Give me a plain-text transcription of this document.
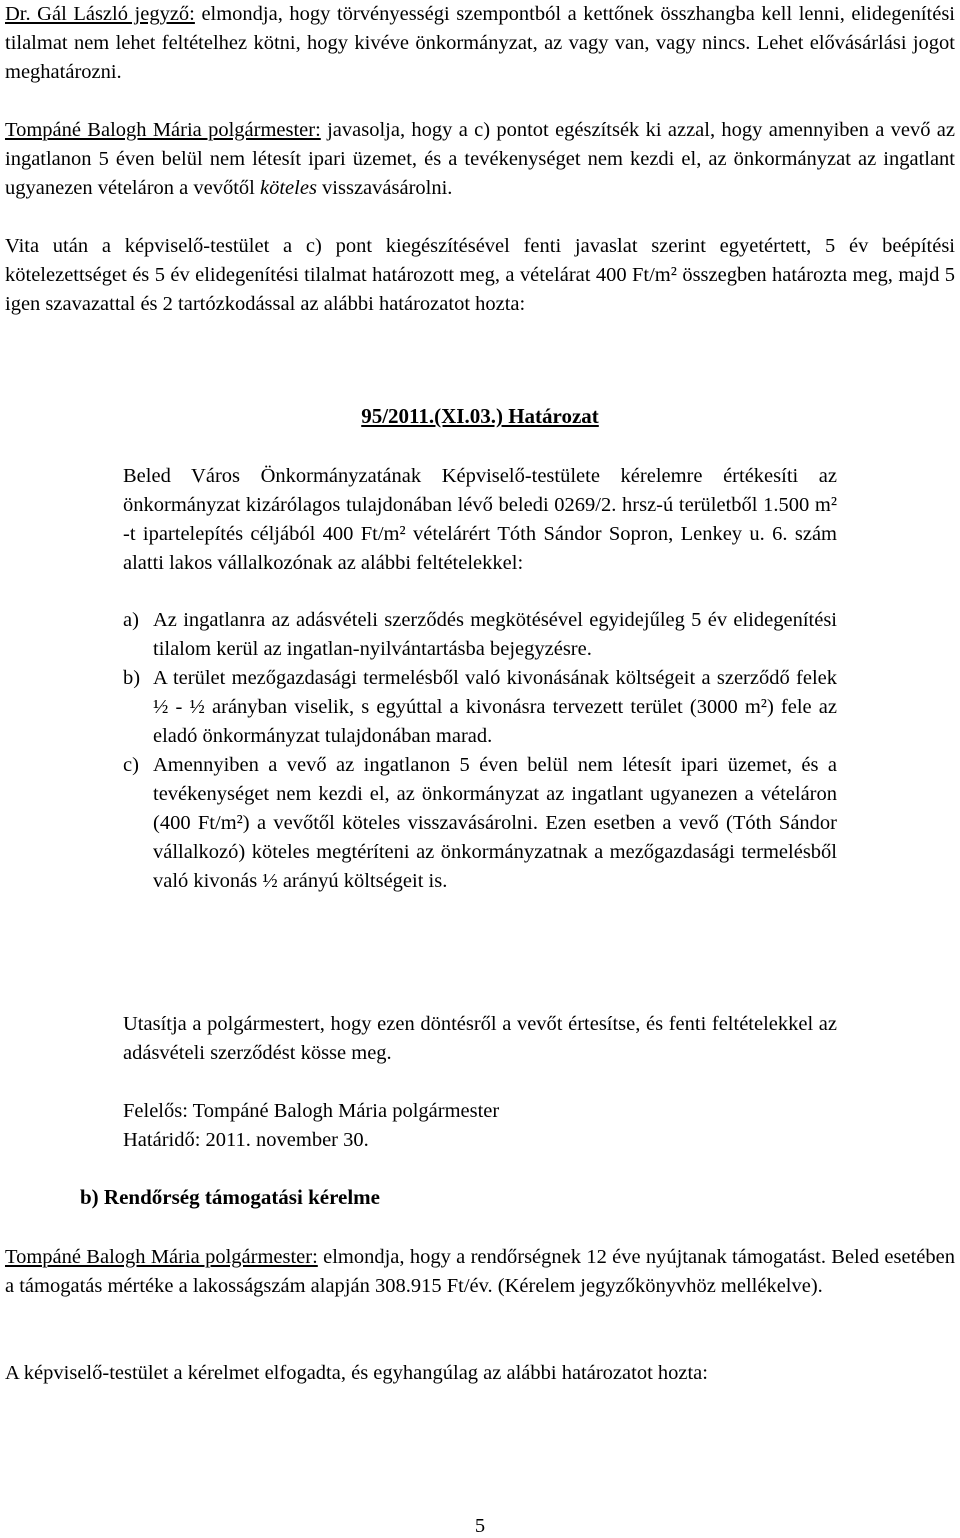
Dr. Gál László jegyző: elmondja, hogy törvényességi szempontból a kettőnek összhangba kell lenni, elidegenítési tilalmat nem lehet feltételhez kötni, hogy kivéve önkormányzat, az vagy van, vagy nincs. Lehet elővásárlási jogot meghatározni.

Tompáné Balogh Mária polgármester: javasolja, hogy a c) pontot egészítsék ki azzal, hogy amennyiben a vevő az ingatlanon 5 éven belül nem létesít ipari üzemet, és a tevékenységet nem kezdi el, az önkormányzat az ingatlant ugyanezen vételáron a vevőtől köteles visszavásárolni.

Vita után a képviselő-testület a c) pont kiegészítésével fenti javaslat szerint egyetértett, 5 év beépítési kötelezettséget és 5 év elidegenítési tilalmat határozott meg, a vételárat 400 Ft/m² összegben határozta meg, majd 5 igen szavazattal és 2 tartózkodással az alábbi határozatot hozta:

95/2011.(XI.03.) Határozat

Beled Város Önkormányzatának Képviselő-testülete kérelemre értékesíti az önkormányzat kizárólagos tulajdonában lévő beledi 0269/2. hrsz-ú területből 1.500 m² -t ipartelepítés céljából 400 Ft/m² vételárért Tóth Sándor Sopron, Lenkey u. 6. szám alatti lakos vállalkozónak az alábbi feltételekkel:

a) Az ingatlanra az adásvételi szerződés megkötésével egyidejűleg 5 év elidegenítési tilalom kerül az ingatlan-nyilvántartásba bejegyzésre.
b) A terület mezőgazdasági termelésből való kivonásának költségeit a szerződő felek ½ - ½ arányban viselik, s egyúttal a kivonásra tervezett terület (3000 m²) fele az eladó önkormányzat tulajdonában marad.
c) Amennyiben a vevő az ingatlanon 5 éven belül nem létesít ipari üzemet, és a tevékenységet nem kezdi el, az önkormányzat az ingatlant ugyanezen a vételáron (400 Ft/m²) a vevőtől köteles visszavásárolni. Ezen esetben a vevő (Tóth Sándor vállalkozó) köteles megtéríteni az önkormányzatnak a mezőgazdasági termelésből való kivonás ½ arányú költségeit is.

Utasítja a polgármestert, hogy ezen döntésről a vevőt értesítse, és fenti feltételekkel az adásvételi szerződést kösse meg.

Felelős: Tompáné Balogh Mária polgármester

Határidő: 2011. november 30.

b) Rendőrség támogatási kérelme

Tompáné Balogh Mária polgármester: elmondja, hogy a rendőrségnek 12 éve nyújtanak támogatást. Beled esetében a támogatás mértéke a lakosságszám alapján 308.915 Ft/év. (Kérelem jegyzőkönyvhöz mellékelve).

A képviselő-testület a kérelmet elfogadta, és egyhangúlag az alábbi határozatot hozta:

5
